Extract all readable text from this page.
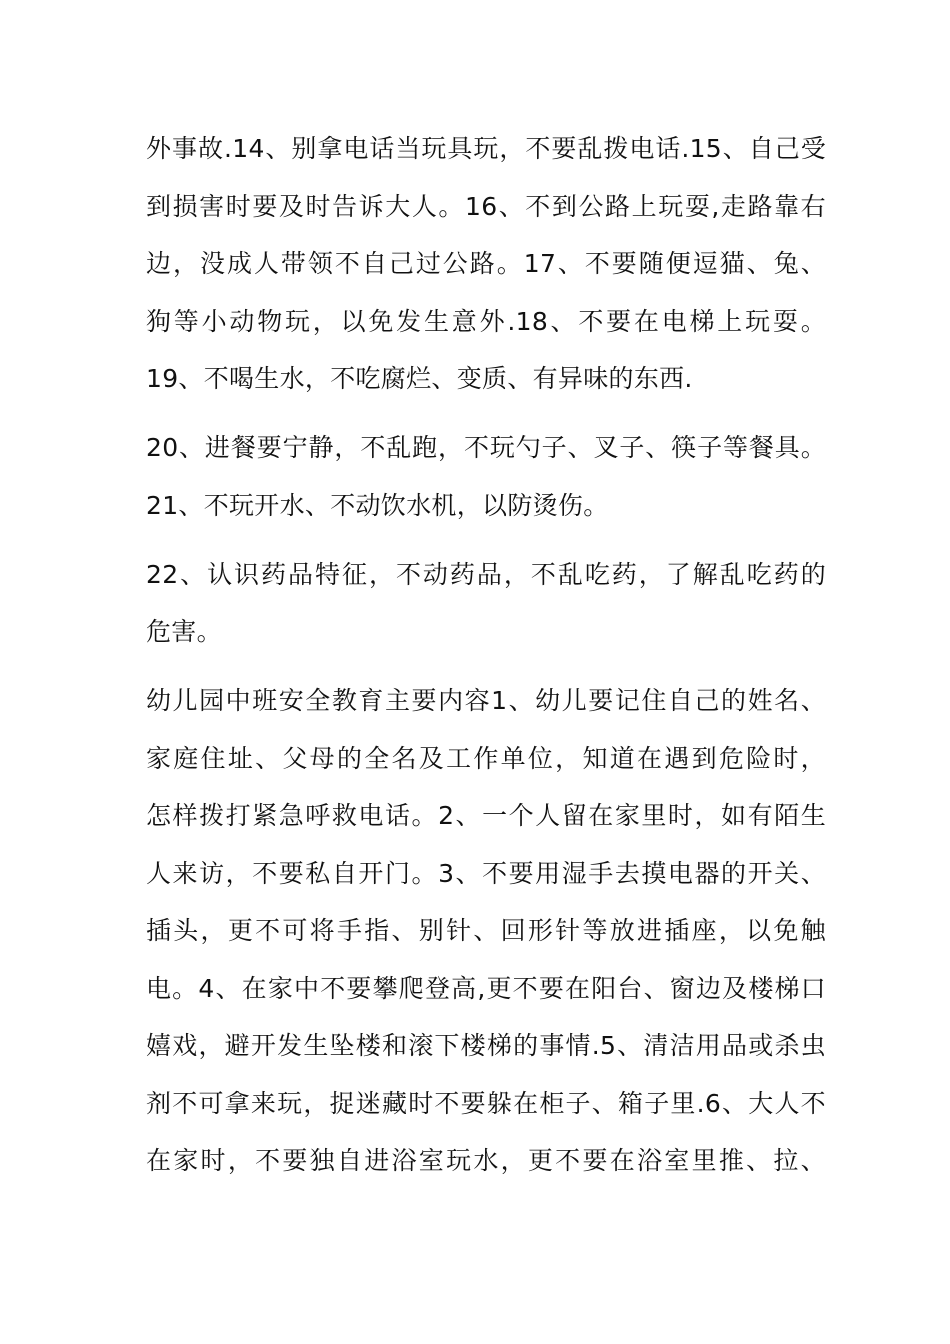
外事故.14、别拿电话当玩具玩，不要乱拨电话.15、自己受
到损害时要及时告诉大人。16、不到公路上玩耍,走路靠右
边，没成人带领不自己过公路。17、不要随便逗猫、兔、
狗等小动物玩，以免发生意外.18、不要在电梯上玩耍。
19、不喝生水，不吃腐烂、变质、有异味的东西.
20、进餐要宁静，不乱跑，不玩勺子、叉子、筷子等餐具。
21、不玩开水、不动饮水机，以防烫伤。
22、认识药品特征，不动药品，不乱吃药，了解乱吃药的
危害。
幼儿园中班安全教育主要内容1、幼儿要记住自己的姓名、
家庭住址、父母的全名及工作单位，知道在遇到危险时，
怎样拨打紧急呼救电话。2、一个人留在家里时，如有陌生
人来访，不要私自开门。3、不要用湿手去摸电器的开关、
插头，更不可将手指、别针、回形针等放进插座，以免触
电。4、在家中不要攀爬登高,更不要在阳台、窗边及楼梯口
嬉戏，避开发生坠楼和滚下楼梯的事情.5、清洁用品或杀虫
剂不可拿来玩，捉迷藏时不要躲在柜子、箱子里.6、大人不
在家时，不要独自进浴室玩水，更不要在浴室里推、拉、
